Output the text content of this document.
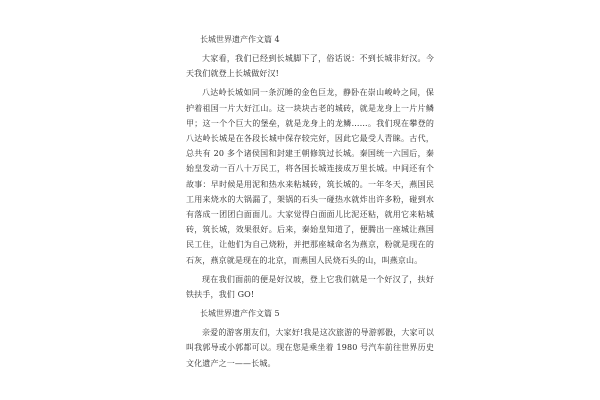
长城世界遗产作文篇 4

大家看，我们已经到长城脚下了，俗话说：不到长城非好汉。今天我们就登上长城做好汉!

八达岭长城如同一条沉睡的金色巨龙，静卧在崇山峻岭之间，保护着祖国一片大好江山。这一块块古老的城砖，就是龙身上一片片鳞甲；这一个个巨大的堡垒，就是龙身上的龙鳞……。我们现在攀登的八达岭长城是在各段长城中保存较完好，因此它最受人青睐。古代，总共有 20 多个诸侯国和封建王朝修筑过长城。秦国统一六国后，秦始皇发动一百八十万民工，将各国长城连接成万里长城。中间还有个故事：早时候是用泥和热水来粘城砖，筑长城的。一年冬天，燕国民工用来烧水的大锅漏了，架锅的石头一碰热水就炸出许多粉，碰到水有落成一团团白面面儿。大家觉得白面面儿比泥还粘，就用它来粘城砖，筑长城，效果很好。后来，秦始皇知道了，便腾出一座城让燕国民工住，让他们为自己烧粉，并把那座城命名为燕京，粉就是现在的石灰，燕京就是现在的北京，而燕国人民烧石头的山，叫燕京山。

现在我们面前的便是好汉坡，登上它我们就是一个好汉了，扶好铁扶手，我们 GO!

长城世界遗产作文篇 5

亲爱的游客朋友们，大家好!我是这次旅游的导游郭骰，大家可以叫我郭导或小郭都可以。现在您是乘坐着 1980 号汽车前往世界历史文化遗产之一——长城。
